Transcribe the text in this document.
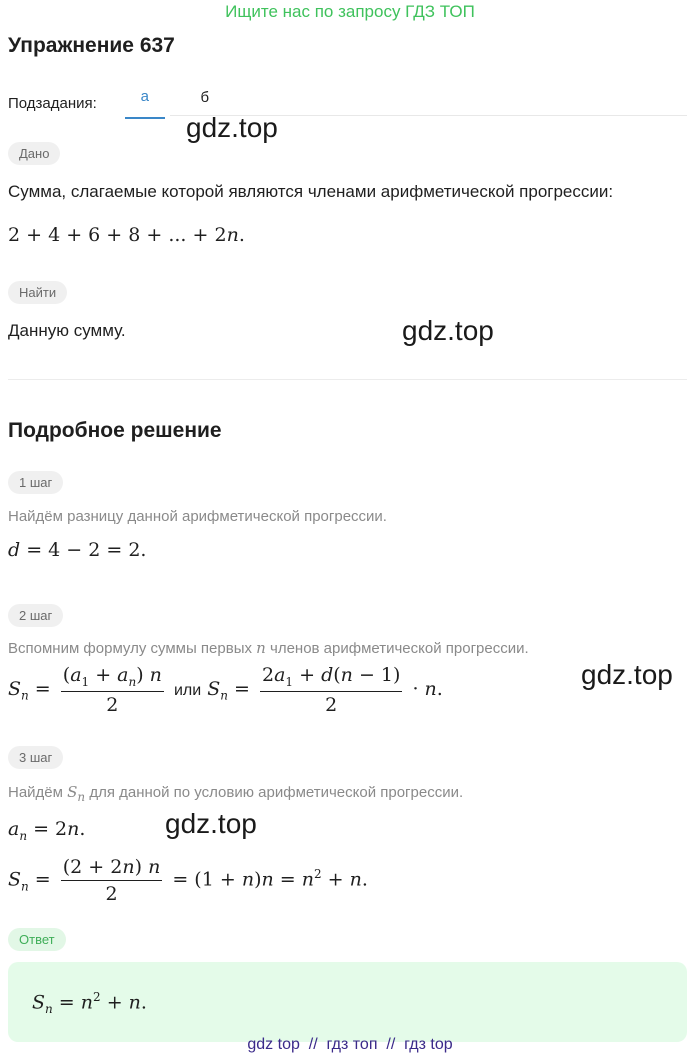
Ищите нас по запросу ГДЗ ТОП
Упражнение 637
Подзадания:	а	б
gdz.top
Дано
Сумма, слагаемые которой являются членами арифметической прогрессии:
2 + 4 + 6 + 8 + ... + 2n.
Найти
Данную сумму.	gdz.top
Подробное решение
1 шаг
Найдём разницу данной арифметической прогрессии.
d = 4 − 2 = 2.
2 шаг
Вспомним формулу суммы первых n членов арифметической прогрессии.
$S_n = \frac{(a_1 + a_n) n}{2}$ или $S_n = \frac{2a_1 + d(n - 1)}{2} \cdot n$.	gdz.top
3 шаг
Найдём $S_n$ для данной по условию арифметической прогрессии.
$a_n = 2n$.	gdz.top
$S_n = \frac{(2 + 2n) n}{2} = (1 + n)n = n^2 + n$.
Ответ
$S_n = n^2 + n$.
gdz top  //  гдз топ  //  гдз top
